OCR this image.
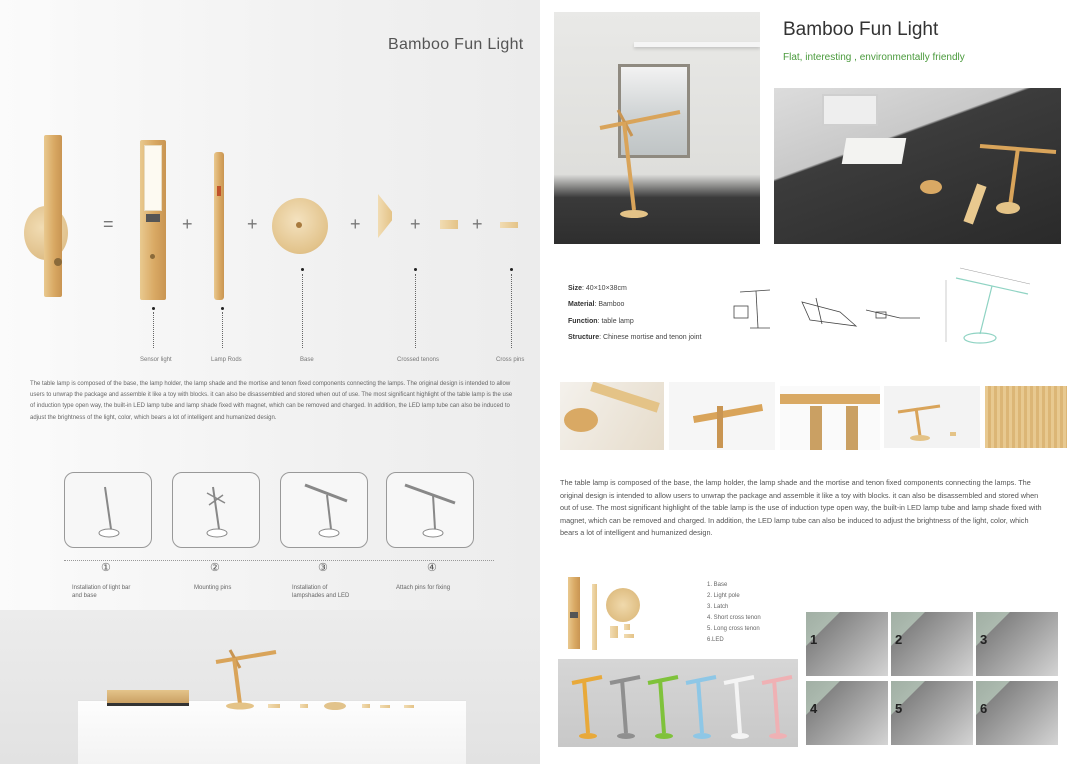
Bamboo Fun Light
=	+	+	+	+	+
Sensor light	Lamp Rods	Base	Crossed tenons	Cross pins

The table lamp is composed of the base, the lamp holder, the lamp shade and the mortise and tenon fixed components connecting the lamps. The original design is intended to allow users to unwrap the package and assemble it like a toy with blocks. it can also be disassembled and stored when out of use. The most significant highlight of the table lamp is the use of induction type open way, the built-in LED lamp tube and lamp shade fixed with magnet, which can be removed and charged. In addition, the LED lamp tube can also be induced to adjust the brightness of the light, color, which bears a lot of intelligent and humanized design.

①	②	③	④
Installation of light bar and base
Mounting pins	Installation of lampshades and LED
Attach pins for fixing
Bamboo Fun Light
Flat, interesting , environmentally friendly
Size: 40×10×38cm
Material: Bamboo
Function: table lamp
Structure: Chinese mortise and tenon joint

The table lamp is composed of the base, the lamp holder, the lamp shade and the mortise and tenon fixed components connecting the lamps. The original design is intended to allow users to unwrap the package and assemble it like a toy with blocks. it can also be disassembled and stored when out of use. The most significant highlight of the table lamp is the use of induction type open way, the built-in LED lamp tube and lamp shade fixed with magnet, which can be removed and charged. In addition, the LED lamp tube can also be induced to adjust the brightness of the light, color, which bears a lot of intelligent and humanized design.

1. Base
2. Light pole
3. Latch
4. Short cross tenon
5. Long cross tenon
6.LED	1	2	3
4	5	6
